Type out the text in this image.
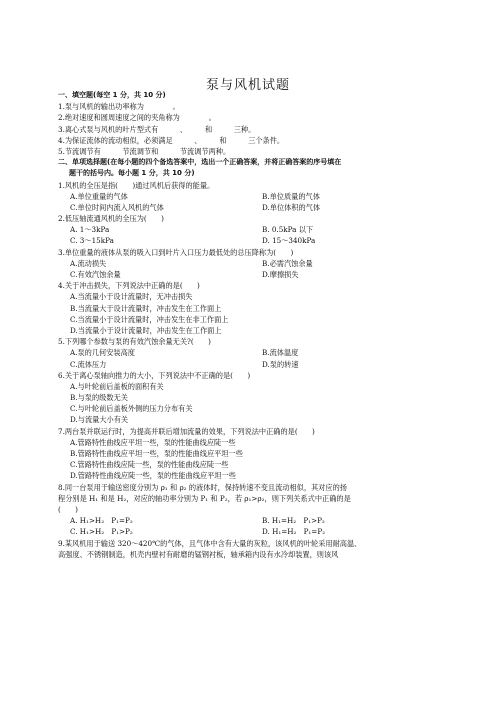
泵与风机试题
一、填空题(每空 1 分，共 10 分)
1.泵与风机的输出功率称为　　　　。
2.绝对速度和圆周速度之间的夹角称为　　　　。
3.离心式泵与风机的叶片型式有　　　、　　　和　　　三种。
4.为保证流体的流动相似，必须满足　　　、　　　和　　　三个条件。
5.节流调节有　　　节流调节和　　　节流调节两种。
二、单项选择题(在每小题的四个备选答案中，选出一个正确答案，并将正确答案的序号填在
题干的括号内。每小题 1 分，共 10 分)
1.风机的全压是指(　　)通过风机后获得的能量。
A.单位重量的气体	B.单位质量的气体
C.单位时间内流入风机的气体	D.单位体积的气体
2.低压轴流通风机的全压为(　　)
A. 1～3kPa	B. 0.5kPa 以下
C. 3～15kPa	D. 15～340kPa
3.单位重量的液体从泵的吸入口到叶片入口压力最低处的总压降称为(　　)
A.流动损失	B.必需汽蚀余量
C.有效汽蚀余量	D.摩擦损失
4.关于冲击损失，下列说法中正确的是(　　)
A.当流量小于设计流量时，无冲击损失
B.当流量大于设计流量时，冲击发生在工作面上
C.当流量小于设计流量时，冲击发生在非工作面上
D.当流量小于设计流量时，冲击发生在工作面上
5.下列哪个参数与泵的有效汽蚀余量无关?(　　)
A.泵的几何安装高度	B.流体温度
C.流体压力	D.泵的转速
6.关于离心泵轴向推力的大小，下列说法中不正确的是(　　)
A.与叶轮前后盖板的面积有关
B.与泵的级数无关
C.与叶轮前后盖板外侧的压力分布有关
D.与流量大小有关
7.两台泵并联运行时，为提高并联后增加流量的效果，下列说法中正确的是(　　)
A.管路特性曲线应平坦一些，泵的性能曲线应陡一些
B.管路特性曲线应平坦一些，泵的性能曲线应平坦一些
C.管路特性曲线应陡一些，泵的性能曲线应陡一些
D.管路特性曲线应陡一些，泵的性能曲线应平坦一些
8.同一台泵用于输送密度分别为 ρ₁ 和 ρ₂ 的液体时，保持转速不变且流动相似，其对应的扬
程分别是 H₁ 和是 H₂，对应的轴功率分别为 P₁ 和 P₂，若 ρ₁>ρ₂，则下列关系式中正确的是
(　　)
A. H₁>H₂　P₁=P₂	B. H₁=H₂　P₁>P₂
C. H₁>H₂　P₁>P₂	D. H₁=H₂　P₁=P₂
9.某风机用于输送 320～420℃的气体，且气体中含有大量的灰粒，该风机的叶轮采用耐高温、
高强度、不锈钢制造，机壳内壁衬有耐磨的锰钢衬板，轴承箱内设有水冷却装置，则该风
